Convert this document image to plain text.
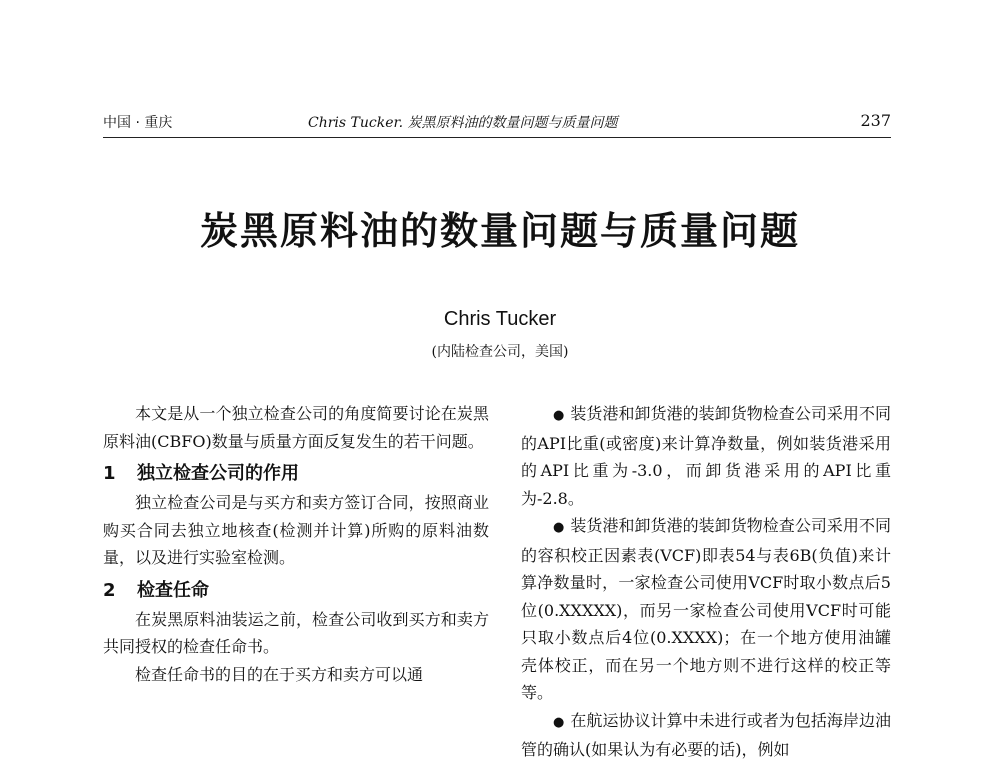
中国 · 重庆	Chris Tucker. 炭黑原料油的数量问题与质量问题	237
炭黑原料油的数量问题与质量问题
Chris Tucker
(内陆检查公司，美国)

本文是从一个独立检查公司的角度简要讨论在炭黑原料油(CBFO)数量与质量方面反复发生的若干问题。

1 独立检查公司的作用

独立检查公司是与买方和卖方签订合同，按照商业购买合同去独立地核查(检测并计算)所购的原料油数量，以及进行实验室检测。

2 检查任命

在炭黑原料油装运之前，检查公司收到买方和卖方共同授权的检查任命书。

检查任命书的目的在于买方和卖方可以通

● 装货港和卸货港的装卸货物检查公司采用不同的API比重(或密度)来计算净数量，例如装货港采用的API比重为-3.0，而卸货港采用的API比重为-2.8。

● 装货港和卸货港的装卸货物检查公司采用不同的容积校正因素表(VCF)即表54与表6B(负值)来计算净数量时，一家检查公司使用VCF时取小数点后5位(0.XXXXX)，而另一家检查公司使用VCF时可能只取小数点后4位(0.XXXX)；在一个地方使用油罐壳体校正，而在另一个地方则不进行这样的校正等等。

● 在航运协议计算中未进行或者为包括海岸边油管的确认(如果认为有必要的话)，例如
